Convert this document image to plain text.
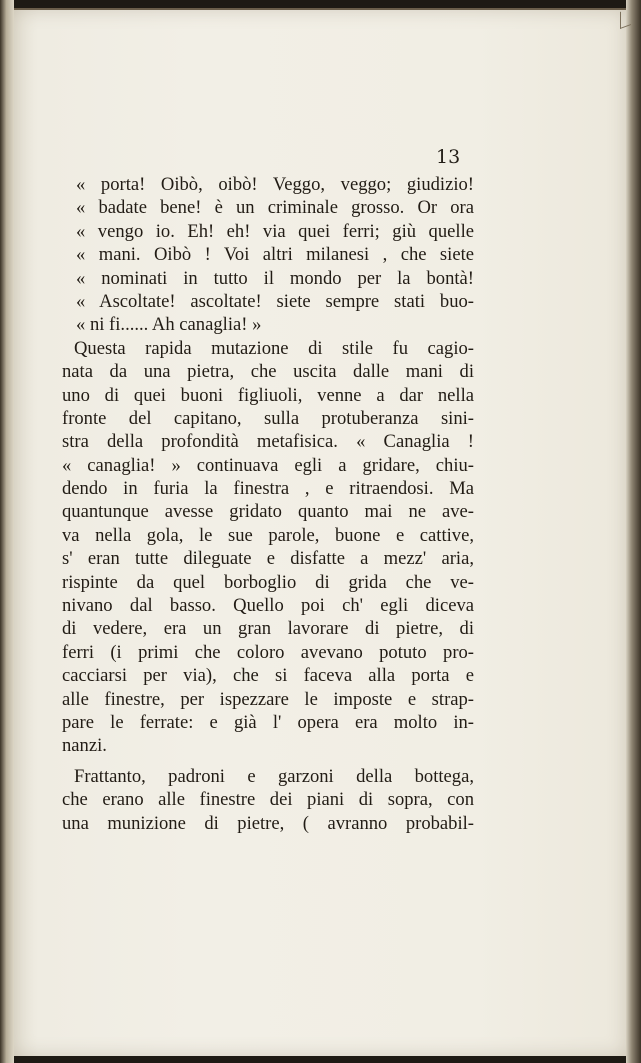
13

« porta! Oibò, oibò! Veggo, veggo; giudizio!
« badate bene! è un criminale grosso. Or ora
« vengo io. Eh! eh! via quei ferri; giù quelle
« mani. Oibò ! Voi altri milanesi , che siete
« nominati in tutto il mondo per la bontà!
« Ascoltate! ascoltate! siete sempre stati buo-
« ni fi...... Ah canaglia! »
Questa rapida mutazione di stile fu cagio-
nata da una pietra, che uscita dalle mani di
uno di quei buoni figliuoli, venne a dar nella
fronte del capitano, sulla protuberanza sini-
stra della profondità metafisica. « Canaglia !
« canaglia! » continuava egli a gridare, chiu-
dendo in furia la finestra , e ritraendosi. Ma
quantunque avesse gridato quanto mai ne ave-
va nella gola, le sue parole, buone e cattive,
s' eran tutte dileguate e disfatte a mezz' aria,
rispinte da quel borboglio di grida che ve-
nivano dal basso. Quello poi ch' egli diceva
di vedere, era un gran lavorare di pietre, di
ferri (i primi che coloro avevano potuto pro-
cacciarsi per via), che si faceva alla porta e
alle finestre, per ispezzare le imposte e strap-
pare le ferrate: e già l' opera era molto in-
nanzi.
Frattanto, padroni e garzoni della bottega,
che erano alle finestre dei piani di sopra, con
una munizione di pietre, ( avranno probabil-
